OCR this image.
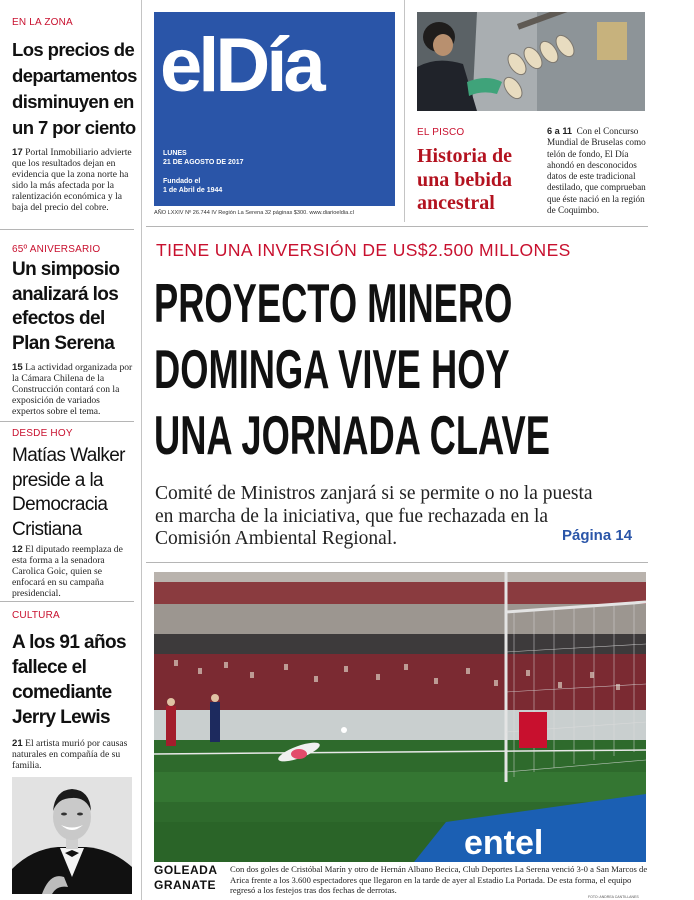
EN LA ZONA
Los precios de
departamentos
disminuyen en
un 7 por ciento
17 Portal Inmobiliario advierte que los resultados dejan en evidencia que la zona norte ha sido la más afectada por la ralentización económica y la baja del precio del cobre.
65º ANIVERSARIO
Un simposio
analizará los
efectos del
Plan Serena
15 La actividad organizada por la Cámara Chilena de la Construcción contará con la exposición de variados expertos sobre el tema.
DESDE HOY
Matías Walker
preside a la
Democracia
Cristiana
12 El diputado reemplaza de esta forma a la senadora Carolica Goic, quien se enfocará en su campaña presidencial.
CULTURA
A los 91 años
fallece el
comediante
Jerry Lewis
21 El artista murió por causas naturales en compañía de su familia.
elDía
LUNES
21 DE AGOSTO DE 2017
Fundado el
1 de Abril de 1944
AÑO LXXIV Nº 26.744 IV Región La Serena 32 páginas $300. www.diarioeldia.cl
EL PISCO
Historia de
una bebida
ancestral
6 a 11 Con el Concurso Mundial de Bruselas como telón de fondo, El Día ahondó en desconocidos datos de este tradicional destilado, que comprueban que éste nació en la región de Coquimbo.
TIENE UNA INVERSIÓN DE US$2.500 MILLONES
PROYECTO MINERO
DOMINGA VIVE HOY
UNA JORNADA CLAVE
Comité de Ministros zanjará si se permite o no la puesta
en marcha de la iniciativa, que fue rechazada en la
Comisión Ambiental Regional.	Página 14
entel
GOLEADA
GRANATE
Con dos goles de Cristóbal Marín y otro de Hernán Albano Becica, Club Deportes La Serena venció 3-0 a San Marcos de Arica frente a los 3.600 espectadores que llegaron en la tarde de ayer al Estadio La Portada. De esta forma, el equipo regresó a los festejos tras dos fechas de derrotas.
FOTO: ANDREA CANTILLANES
